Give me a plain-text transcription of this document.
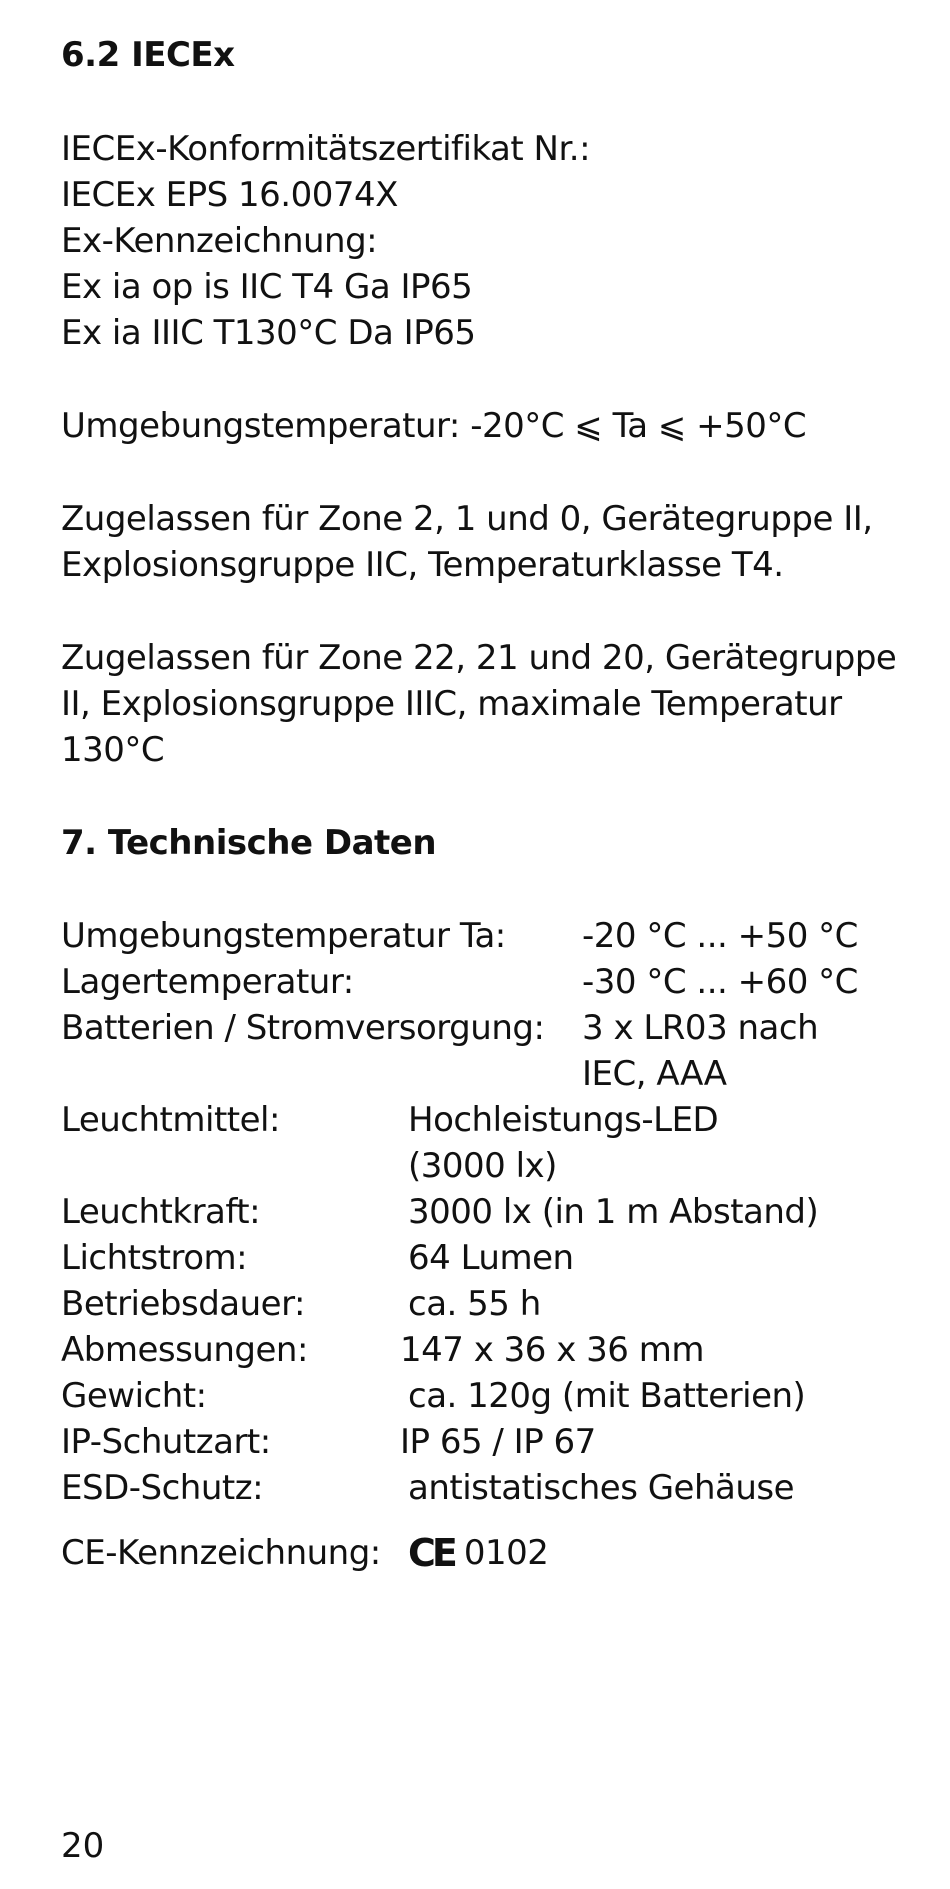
6.2 IECEx
IECEx-Konformitätszertifikat Nr.:
IECEx EPS 16.0074X
Ex-Kennzeichnung:
Ex ia op is IIC T4 Ga IP65
Ex ia IIIC T130°C Da IP65
Umgebungstemperatur: -20°C ⩽ Ta ⩽ +50°C
Zugelassen für Zone 2, 1 und 0, Gerätegruppe II,
Explosionsgruppe IIC, Temperaturklasse T4.
Zugelassen für Zone 22, 21 und 20, Gerätegruppe
II, Explosionsgruppe IIIC, maximale Temperatur
130°C
7. Technische Daten
Umgebungstemperatur Ta: -20 °C ... +50 °C
Lagertemperatur:	-30 °C ... +60 °C
Batterien / Stromversorgung: 3 x LR03 nach
IEC, AAA
Leuchtmittel:	Hochleistungs-LED
(3000 lx)
Leuchtkraft:	3000 lx (in 1 m Abstand)
Lichtstrom:	64 Lumen
Betriebsdauer:	ca. 55 h
Abmessungen:	147 x 36 x 36 mm
Gewicht:	ca. 120g (mit Batterien)
IP-Schutzart:	IP 65 / IP 67
ESD-Schutz:	antistatisches Gehäuse
CE-Kennzeichnung: CE 0102
20
